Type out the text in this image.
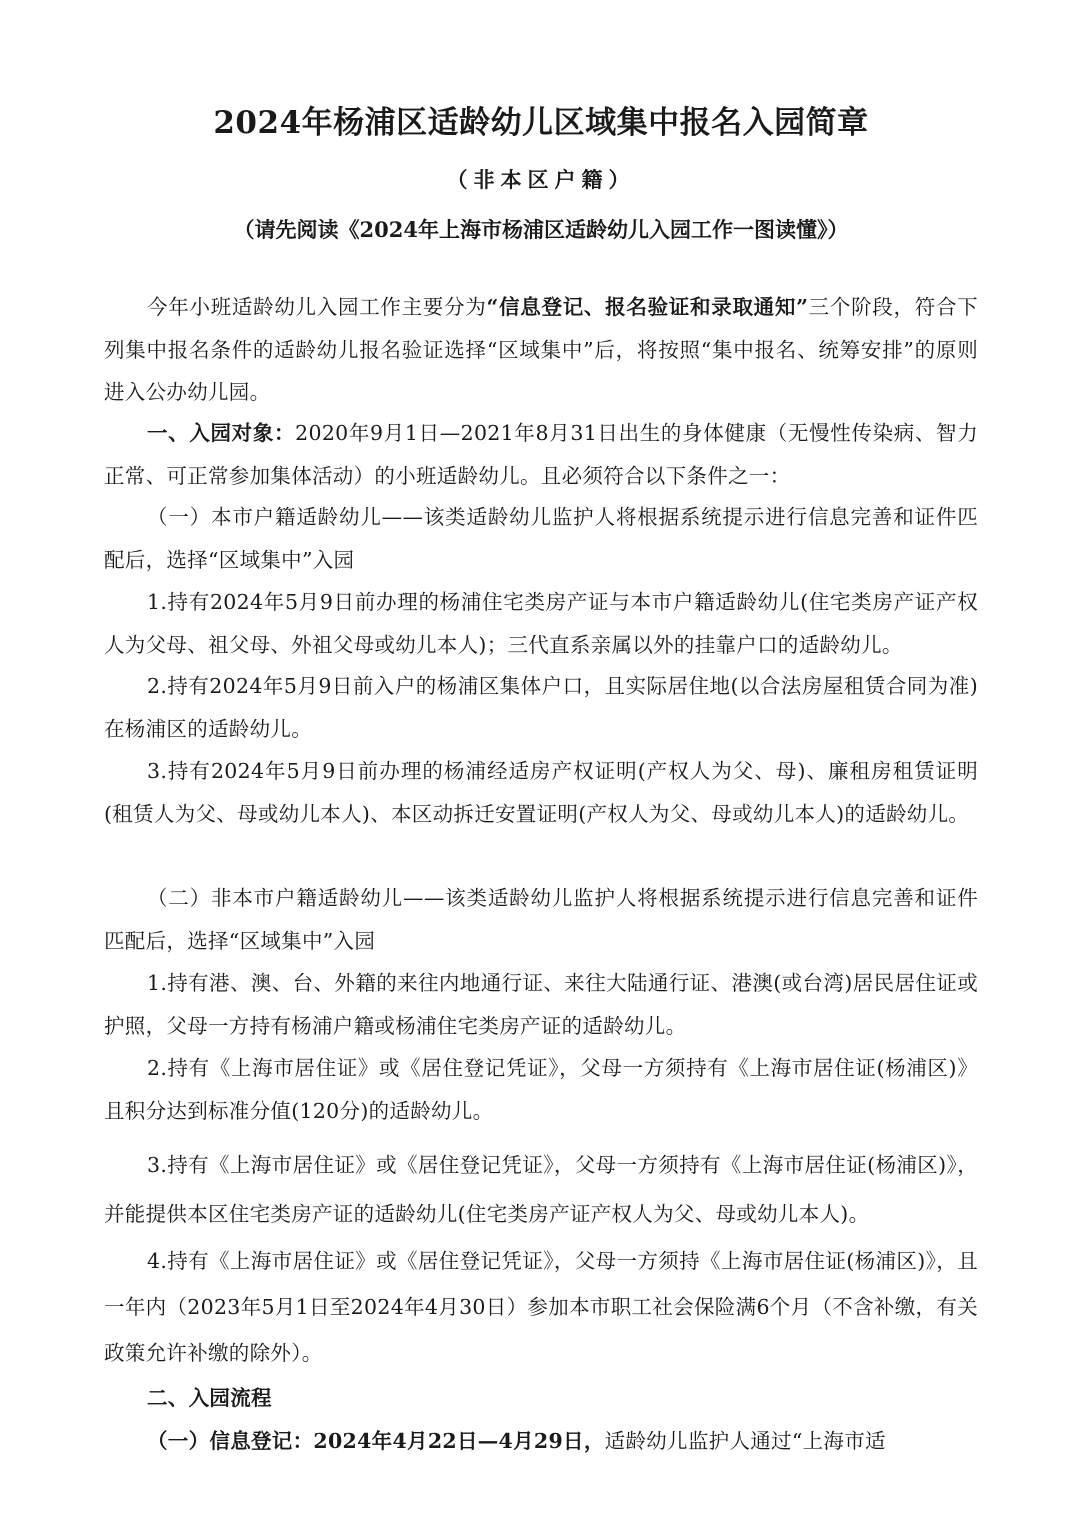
2024年杨浦区适龄幼儿区域集中报名入园简章
（非本区户籍）
（请先阅读《2024年上海市杨浦区适龄幼儿入园工作一图读懂》）
今年小班适龄幼儿入园工作主要分为“信息登记、报名验证和录取通知”三个阶段，符合下列集中报名条件的适龄幼儿报名验证选择“区域集中”后，将按照“集中报名、统筹安排”的原则进入公办幼儿园。
一、入园对象：2020年9月1日—2021年8月31日出生的身体健康（无慢性传染病、智力正常、可正常参加集体活动）的小班适龄幼儿。且必须符合以下条件之一：
（一）本市户籍适龄幼儿——该类适龄幼儿监护人将根据系统提示进行信息完善和证件匹配后，选择“区域集中”入园
1.持有2024年5月9日前办理的杨浦住宅类房产证与本市户籍适龄幼儿(住宅类房产证产权人为父母、祖父母、外祖父母或幼儿本人)；三代直系亲属以外的挂靠户口的适龄幼儿。
2.持有2024年5月9日前入户的杨浦区集体户口，且实际居住地(以合法房屋租赁合同为准)在杨浦区的适龄幼儿。
3.持有2024年5月9日前办理的杨浦经适房产权证明(产权人为父、母)、廉租房租赁证明(租赁人为父、母或幼儿本人)、本区动拆迁安置证明(产权人为父、母或幼儿本人)的适龄幼儿。
（二）非本市户籍适龄幼儿——该类适龄幼儿监护人将根据系统提示进行信息完善和证件匹配后，选择“区域集中”入园
1.持有港、澳、台、外籍的来往内地通行证、来往大陆通行证、港澳(或台湾)居民居住证或护照，父母一方持有杨浦户籍或杨浦住宅类房产证的适龄幼儿。
2.持有《上海市居住证》或《居住登记凭证》，父母一方须持有《上海市居住证(杨浦区)》且积分达到标准分值(120分)的适龄幼儿。
3.持有《上海市居住证》或《居住登记凭证》，父母一方须持有《上海市居住证(杨浦区)》，并能提供本区住宅类房产证的适龄幼儿(住宅类房产证产权人为父、母或幼儿本人)。
4.持有《上海市居住证》或《居住登记凭证》，父母一方须持《上海市居住证(杨浦区)》，且一年内（2023年5月1日至2024年4月30日）参加本市职工社会保险满6个月（不含补缴，有关政策允许补缴的除外）。
二、入园流程
（一）信息登记：2024年4月22日—4月29日，适龄幼儿监护人通过“上海市适
